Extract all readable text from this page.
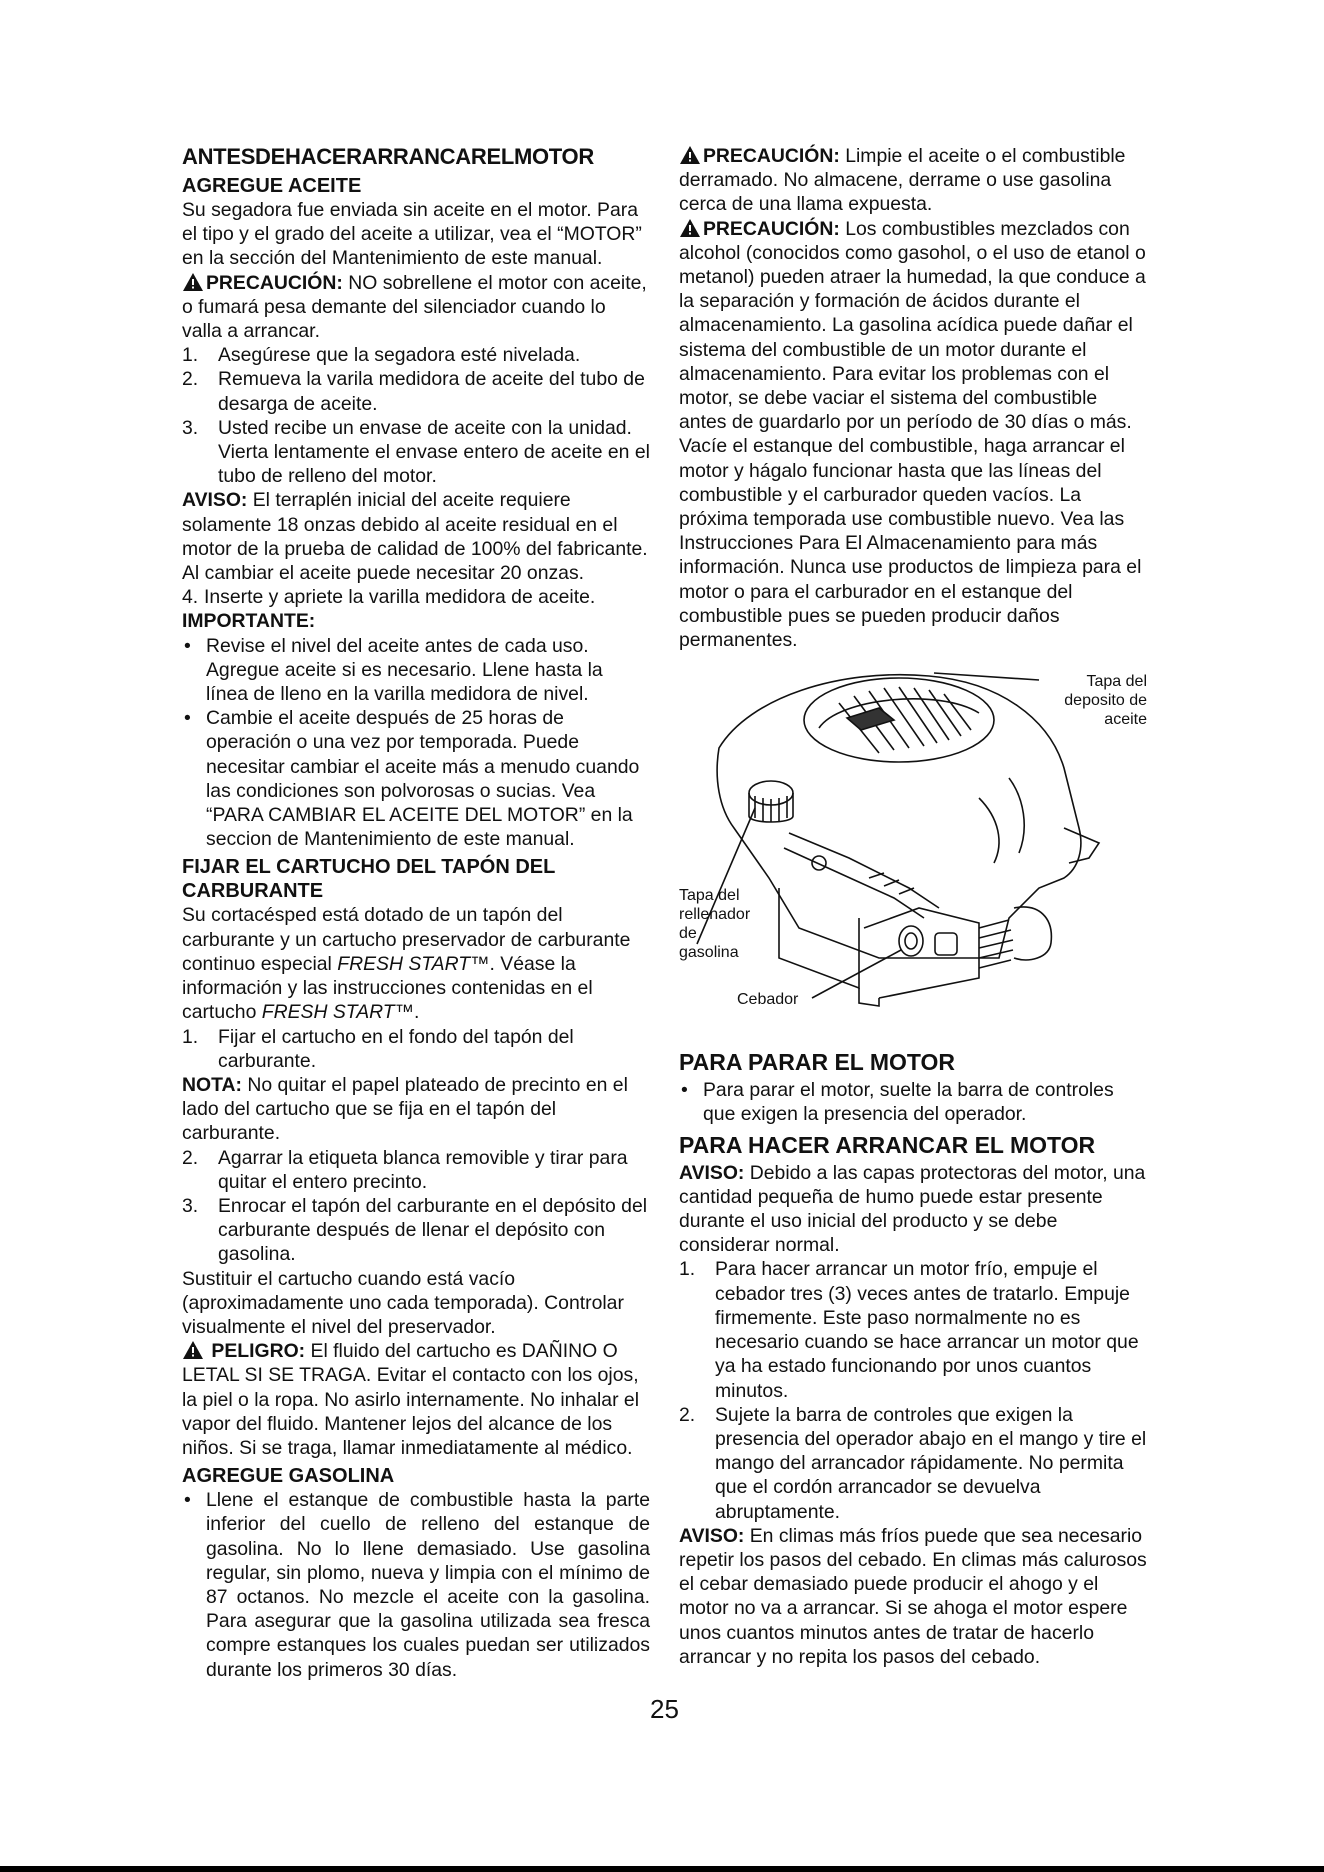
ANTESDEHACERARRANCARELMOTOR
AGREGUE ACEITE

Su segadora fue enviada sin aceite en el motor. Para el tipo y el grado del aceite a utilizar, vea el “MOTOR” en la sección del Mantenimiento de este manual.

PRECAUCIÓN: NO sobrellene el motor con aceite, o fumará pesa demante del silenciador cuando lo valla a arrancar.

1. Asegúrese que la segadora esté nivelada.
2. Remueva la varila medidora de aceite del tubo de desarga de aceite.
3. Usted recibe un envase de aceite con la unidad. Vierta lentamente el envase entero de aceite en el tubo de relleno del motor.

AVISO: El terraplén inicial del aceite requiere solamente 18 onzas debido al aceite residual en el motor de la prueba de calidad de 100% del fabricante. Al cambiar el aceite puede necesitar 20 onzas.

4. Inserte y apriete la varilla medidora de aceite.

IMPORTANTE:

• Revise el nivel del aceite antes de cada uso. Agregue aceite si es necesario. Llene hasta la línea de lleno en la varilla medidora de nivel.
• Cambie el aceite después de 25 horas de operación o una vez por temporada. Puede necesitar cambiar el aceite más a menudo cuando las condiciones son polvorosas o sucias. Vea “PARA CAMBIAR EL ACEITE DEL MOTOR” en la seccion de Mantenimiento de este manual.
FIJAR EL CARTUCHO DEL TAPÓN DEL CARBURANTE

Su cortacésped está dotado de un tapón del carburante y un cartucho preservador de carburante continuo especial FRESH START™. Véase la información y las instrucciones contenidas en el cartucho FRESH START™.

1. Fijar el cartucho en el fondo del tapón del carburante.

NOTA: No quitar el papel plateado de precinto en el lado del cartucho que se fija en el tapón del carburante.

2. Agarrar la etiqueta blanca removible y tirar para quitar el entero precinto.
3. Enrocar el tapón del carburante en el depósito del carburante después de llenar el depósito con gasolina.

Sustituir el cartucho cuando está vacío (aproximadamente uno cada temporada). Controlar visualmente el nivel del preservador.

PELIGRO: El fluido del cartucho es DAÑINO O LETAL SI SE TRAGA. Evitar el contacto con los ojos, la piel o la ropa. No asirlo internamente. No inhalar el vapor del fluido. Mantener lejos del alcance de los niños. Si se traga, llamar inmediatamente al médico.

AGREGUE GASOLINA
• Llene el estanque de combustible hasta la parte inferior del cuello de relleno del estanque de gasolina. No lo llene demasiado. Use gasolina regular, sin plomo, nueva y limpia con el mínimo de 87 octanos. No mezcle el aceite con la gasolina. Para asegurar que la gasolina utilizada sea fresca compre estanques los cuales puedan ser utilizados durante los primeros 30 días.

PRECAUCIÓN: Limpie el aceite o el combustible derramado. No almacene, derrame o use gasolina cerca de una llama expuesta.

PRECAUCIÓN: Los combustibles mezclados con alcohol (conocidos como gasohol, o el uso de etanol o metanol) pueden atraer la humedad, la que conduce a la separación y formación de ácidos durante el almacenamiento. La gasolina acídica puede dañar el sistema del combustible de un motor durante el almacenamiento. Para evitar los problemas con el motor, se debe vaciar el sistema del combustible antes de guardarlo por un período de 30 días o más. Vacíe el estanque del combustible, haga arrancar el motor y hágalo funcionar hasta que las líneas del combustible y el carburador queden vacíos. La próxima temporada use combustible nuevo. Vea las Instrucciones Para El Almacenamiento para más información. Nunca use productos de limpieza para el motor o para el carburador en el estanque del combustible pues se pueden producir daños permanentes.

Tapa del
deposito de
aceite
Tapa del
rellenador
de
gasolina
Cebador
PARA PARAR EL MOTOR
• Para parar el motor, suelte la barra de controles que exigen la presencia del operador.
PARA HACER ARRANCAR EL MOTOR

AVISO: Debido a las capas protectoras del motor, una cantidad pequeña de humo puede estar presente durante el uso inicial del producto y se debe considerar normal.

1. Para hacer arrancar un motor frío, empuje el cebador tres (3) veces antes de tratarlo. Empuje firmemente. Este paso normalmente no es necesario cuando se hace arrancar un motor que ya ha estado funcionando por unos cuantos minutos.
2. Sujete la barra de controles que exigen la presencia del operador abajo en el mango y tire el mango del arrancador rápidamente. No permita que el cordón arrancador se devuelva abruptamente.

AVISO: En climas más fríos puede que sea necesario repetir los pasos del cebado. En climas más calurosos el cebar demasiado puede producir el ahogo y el motor no va a arrancar. Si se ahoga el motor espere unos cuantos minutos antes de tratar de hacerlo arrancar y no repita los pasos del cebado.

25
